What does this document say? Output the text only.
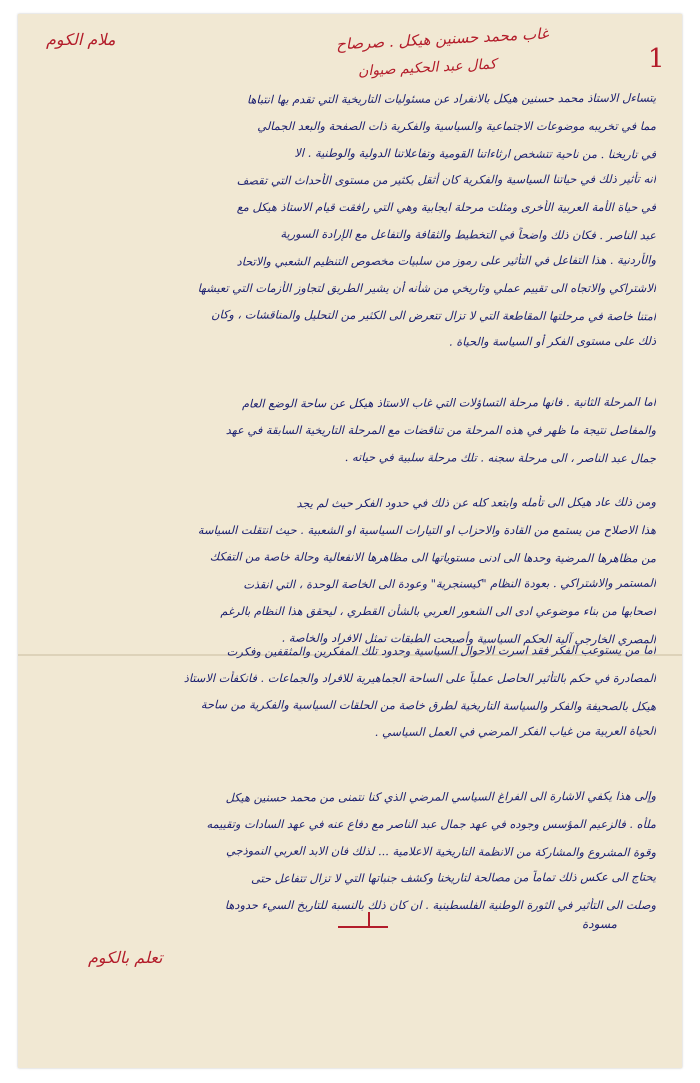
ملام الكوم	غاب محمد حسنين هيكل . صرصاح
كمال عبد الحكيم صيوان	1
مسودة
تعلم بالكوم
يتساءل الاستاذ محمد حسنين هيكل بالانفراد عن مسئوليات التاريخية التي تقدم بها انتباها
مما في تخريبه موضوعات الاجتماعية والسياسية والفكرية ذات الصفحة والبعد الجمالي
في تاريخنا . من ناحية تتشخص ارثاءاتنا القومية وتفاعلاتنا الدولية والوطنية . الا
انه تأثير ذلك في حياتنا السياسية والفكرية كان أثقل بكثير من مستوى الأحداث التي تقصف
في حياة الأمة العربية الأخرى ومثلت مرحلة ايجابية وهي التي رافقت قيام الاستاذ هيكل مع
عبد الناصر . فكان ذلك واضحاً في التخطيط والثقافة والتفاعل مع الإرادة السورية
والأردنية . هذا التفاعل في التأثير على رموز من سلبيات مخصوص التنظيم الشعبي والاتحاد
الاشتراكي والاتجاه الى تقييم عملي وتاريخي من شأنه أن يشير الطريق لتجاوز الأزمات التي تعيشها
امتنا خاصة في مرحلتها المقاطعة التي لا تزال تتعرض الى الكثير من التحليل والمناقشات ، وكان
ذلك على مستوى الفكر أو السياسة والحياة .
اما المرحلة الثانية . فانها مرحلة التساؤلات التي غاب الاستاذ هيكل عن ساحة الوضع العام
والمفاصل نتيجة ما ظهر في هذه المرحلة من تناقضات مع المرحلة التاريخية السابقة في عهد
جمال عبد الناصر ، الى مرحلة سجنه . تلك مرحلة سلبية في حياته .
ومن ذلك عاد هيكل الى تأمله وابتعد كله عن ذلك في حدود الفكر حيث لم يجد
هذا الاصلاح من يستمع من القادة والاحزاب او التيارات السياسية او الشعبية . حيث انتقلت السياسة
من مظاهرها المرضية وحدها الى ادنى مستوياتها الى مظاهرها الانفعالية وحالة خاصة من التفكك
المستمر والاشتراكي . بعودة النظام "كيسنجرية" وعودة الى الخاصة الوحدة ، التي انقذت
اصحابها من بناء موضوعي ادى الى الشعور العربي بالشأن القطري ، ليحقق هذا النظام بالرغم
المصري الخارجي آلية الحكم السياسية وأصبحت الطبقات تمثل الافراد والخاصة .
اما من يستوعب الفكر فقد اسرت الاحوال السياسية وحدود تلك المفكرين والمثقفين وفكرت
المصادرة في حكم بالتأثير الحاصل عملياً على الساحة الجماهيرية للافراد والجماعات . فانكفأت الاستاذ
هيكل بالصحيفة والفكر والسياسة التاريخية لطرق خاصة من الحلقات السياسية والفكرية من ساحة
الحياة العربية من غياب الفكر المرضي في العمل السياسي .
وإلى هذا يكفي الاشارة الى الفراغ السياسي المرضي الذي كنا نتمنى من محمد حسنين هيكل
ملأه . فالزعيم المؤسس وجوده في عهد جمال عبد الناصر مع دفاع عنه في عهد السادات وتقييمه
وقوة المشروع والمشاركة من الانظمة التاريخية الاعلامية ... لذلك فان الابد العربي النموذجي
يحتاج الى عكس ذلك تماماً من مصالحة لتاريخنا وكشف جنباتها التي لا تزال تتفاعل حتى
وصلت الى التأثير في الثورة الوطنية الفلسطينية . ان كان ذلك بالنسبة للتاريخ السيء حدودها
